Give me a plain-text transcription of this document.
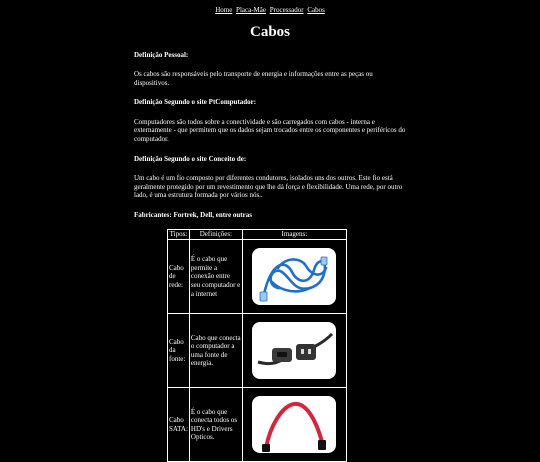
Home Placa-Mãe Processador Cabos
Cabos

Definição Pessoal:

Os cabos são responsáveis pelo transporte de energia e informações entre as peças ou dispositivos.

Definição Segundo o site PtComputador:

Computadores são todos sobre a conectividade e são carregados com cabos - interna e externamente - que permitem que os dados sejam trocados entre os componentes e periféricos do computador.

Definição Segundo o site Conceito de:

Um cabo é um fio composto por diferentes condutores, isolados uns dos outros. Este fio está geralmente protegido por um revestimento que lhe dá força e flexibilidade. Uma rede, por outro lado, é uma estrutura formada por vários nós..

Fabricantes: Fortrek, Dell, entre outras

Tipos:	Definições:	Imagens:
Cabo de rede:	É o cabo que permite a conexão entre seu computador e a internet	

Cabo da fonte:	Cabo que conecta o computador a uma fonte de energia.	

Cabo SATA:	É o cabo que conecta todos os HD's e Drivers Opticos.	
